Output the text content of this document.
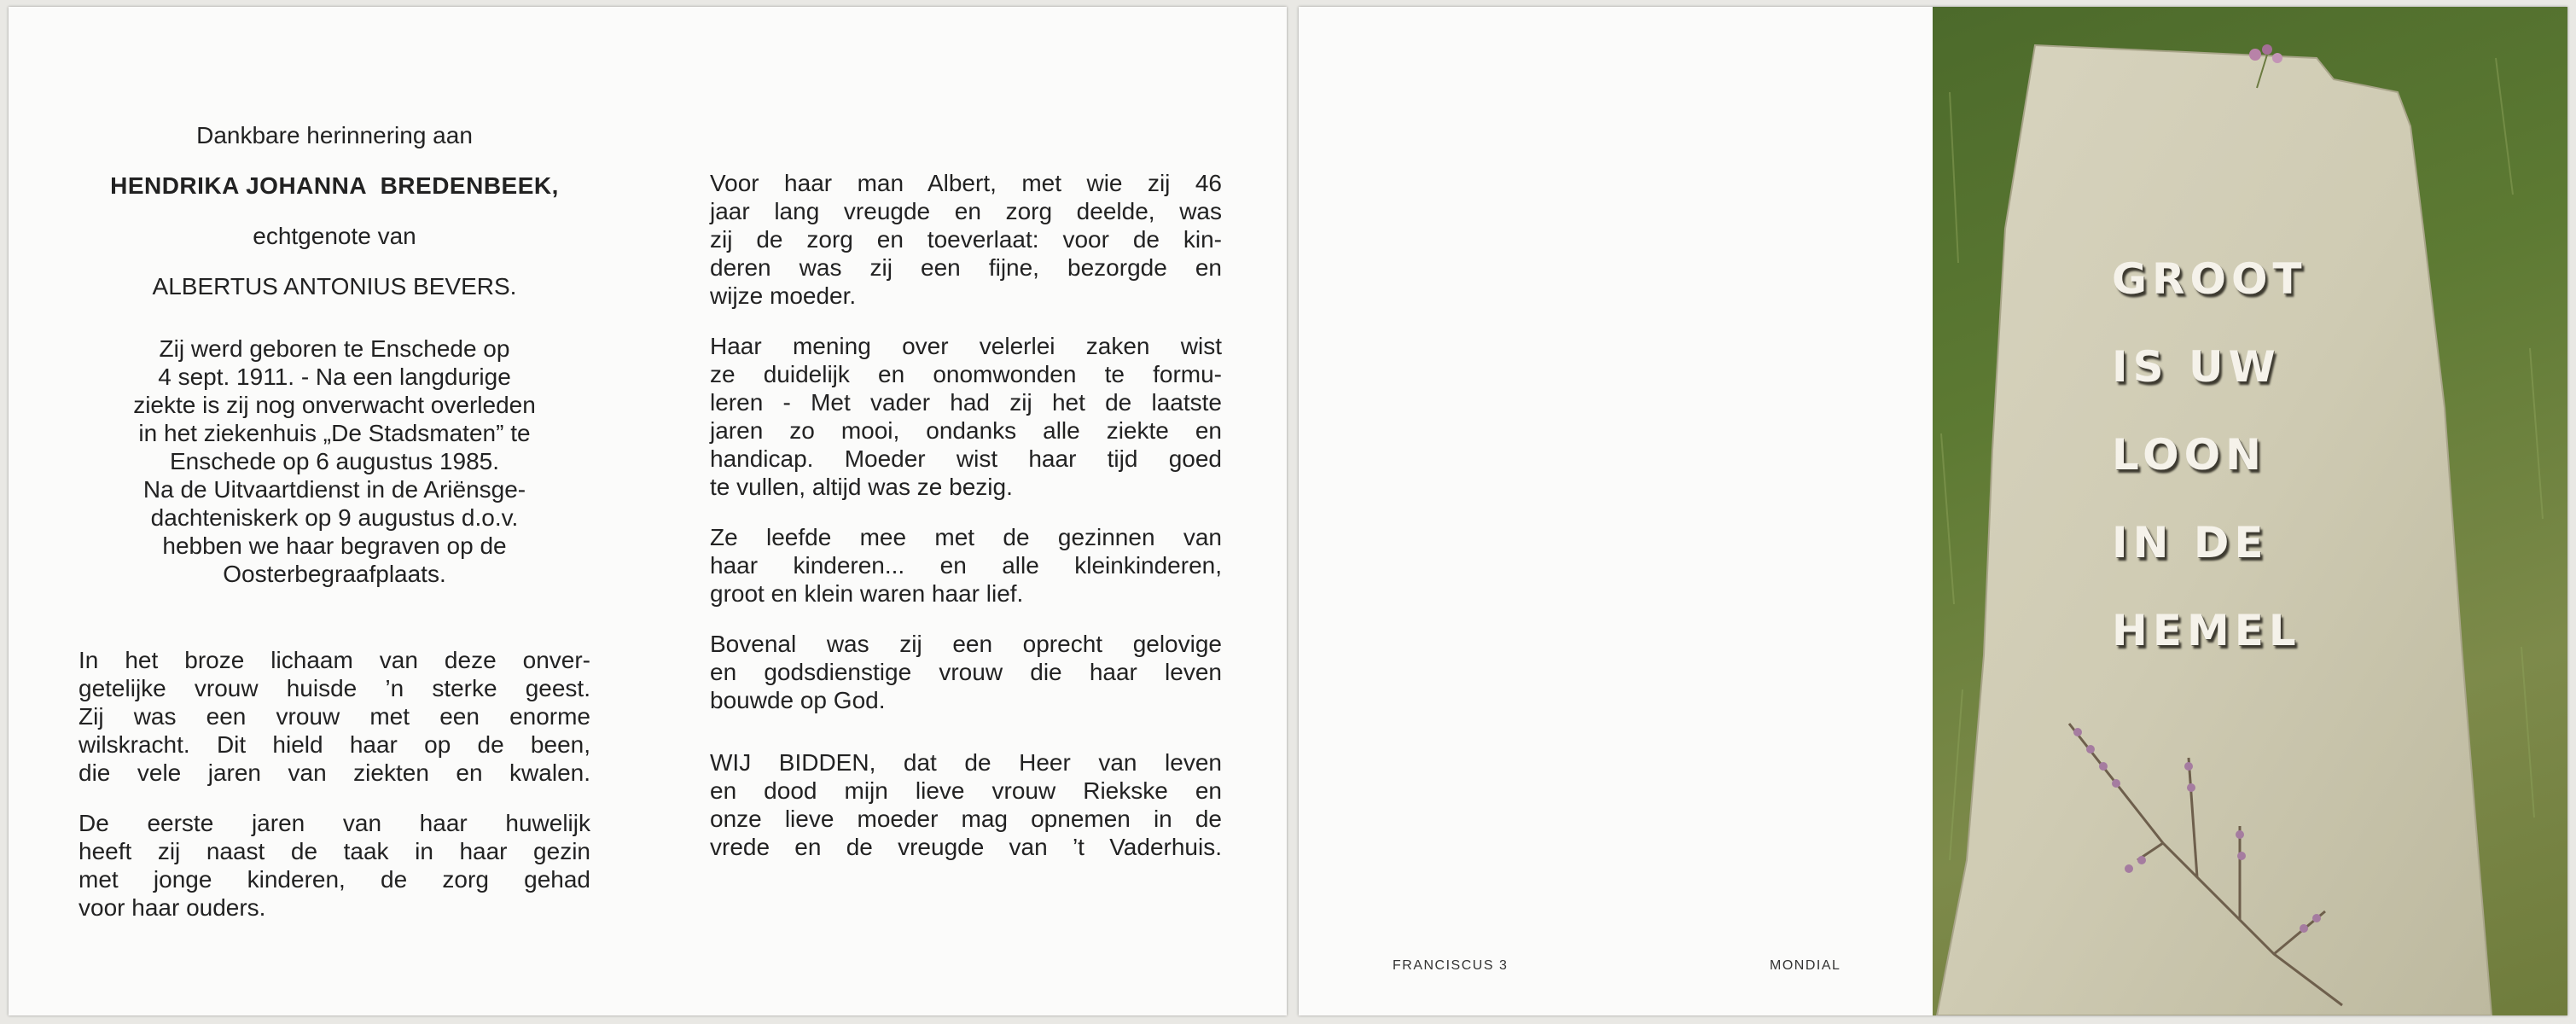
Dankbare herinnering aan
HENDRIKA JOHANNA  BREDENBEEK,
echtgenote van
ALBERTUS ANTONIUS BEVERS.
Zij werd geboren te Enschede op
4 sept. 1911. - Na een langdurige
ziekte is zij nog onverwacht overleden
in het ziekenhuis „De Stadsmaten” te
Enschede op 6 augustus 1985.
Na de Uitvaartdienst in de Ariënsge-
dachteniskerk op 9 augustus d.o.v.
hebben we haar begraven op de
Oosterbegraafplaats.
In het broze lichaam van deze onver-
getelijke vrouw huisde ’n sterke geest.
Zij was een vrouw met een enorme
wilskracht. Dit hield haar op de been,
die vele jaren van ziekten en kwalen.
De eerste jaren van haar huwelijk
heeft zij naast de taak in haar gezin
met jonge kinderen, de zorg gehad
voor haar ouders.
Voor haar man Albert, met wie zij 46
jaar lang vreugde en zorg deelde, was
zij de zorg en toeverlaat: voor de kin-
deren was zij een fijne, bezorgde en
wijze moeder.
Haar mening over velerlei zaken wist
ze duidelijk en onomwonden te formu-
leren - Met vader had zij het de laatste
jaren zo mooi, ondanks alle ziekte en
handicap. Moeder wist haar tijd goed
te vullen, altijd was ze bezig.
Ze leefde mee met de gezinnen van
haar kinderen... en alle kleinkinderen,
groot en klein waren haar lief.
Bovenal was zij een oprecht gelovige
en godsdienstige vrouw die haar leven
bouwde op God.
WIJ BIDDEN, dat de Heer van leven
en dood mijn lieve vrouw Riekske en
onze lieve moeder mag opnemen in de
vrede en de vreugde van ’t Vaderhuis.
FRANCISCUS 3	MONDIAL
GROOT
IS UW
LOON
IN DE
HEMEL
